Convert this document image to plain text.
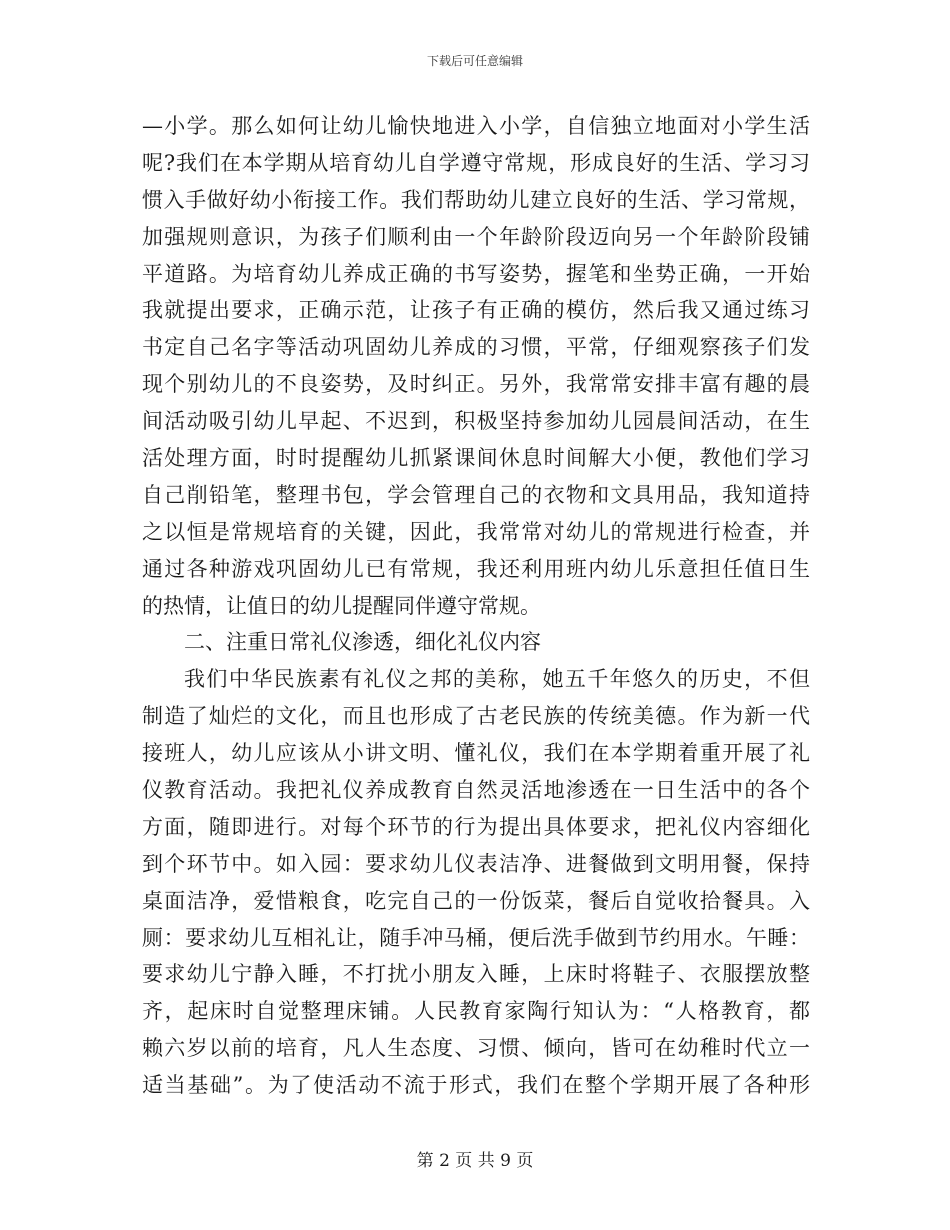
下载后可任意编辑
—小学。那么如何让幼儿愉快地进入小学，自信独立地面对小学生活
呢?我们在本学期从培育幼儿自学遵守常规，形成良好的生活、学习习
惯入手做好幼小衔接工作。我们帮助幼儿建立良好的生活、学习常规，
加强规则意识，为孩子们顺利由一个年龄阶段迈向另一个年龄阶段铺
平道路。为培育幼儿养成正确的书写姿势，握笔和坐势正确，一开始
我就提出要求，正确示范，让孩子有正确的模仿，然后我又通过练习
书定自己名字等活动巩固幼儿养成的习惯，平常，仔细观察孩子们发
现个别幼儿的不良姿势，及时纠正。另外，我常常安排丰富有趣的晨
间活动吸引幼儿早起、不迟到，积极坚持参加幼儿园晨间活动，在生
活处理方面，时时提醒幼儿抓紧课间休息时间解大小便，教他们学习
自己削铅笔，整理书包，学会管理自己的衣物和文具用品，我知道持
之以恒是常规培育的关键，因此，我常常对幼儿的常规进行检查，并
通过各种游戏巩固幼儿已有常规，我还利用班内幼儿乐意担任值日生
的热情，让值日的幼儿提醒同伴遵守常规。
二、注重日常礼仪渗透，细化礼仪内容
我们中华民族素有礼仪之邦的美称，她五千年悠久的历史，不但
制造了灿烂的文化，而且也形成了古老民族的传统美德。作为新一代
接班人，幼儿应该从小讲文明、懂礼仪，我们在本学期着重开展了礼
仪教育活动。我把礼仪养成教育自然灵活地渗透在一日生活中的各个
方面，随即进行。对每个环节的行为提出具体要求，把礼仪内容细化
到个环节中。如入园：要求幼儿仪表洁净、进餐做到文明用餐，保持
桌面洁净，爱惜粮食，吃完自己的一份饭菜，餐后自觉收拾餐具。入
厕：要求幼儿互相礼让，随手冲马桶，便后洗手做到节约用水。午睡：
要求幼儿宁静入睡，不打扰小朋友入睡，上床时将鞋子、衣服摆放整
齐，起床时自觉整理床铺。人民教育家陶行知认为：“人格教育，都
赖六岁以前的培育，凡人生态度、习惯、倾向，皆可在幼稚时代立一
适当基础”。为了使活动不流于形式，我们在整个学期开展了各种形
第 2 页 共 9 页
